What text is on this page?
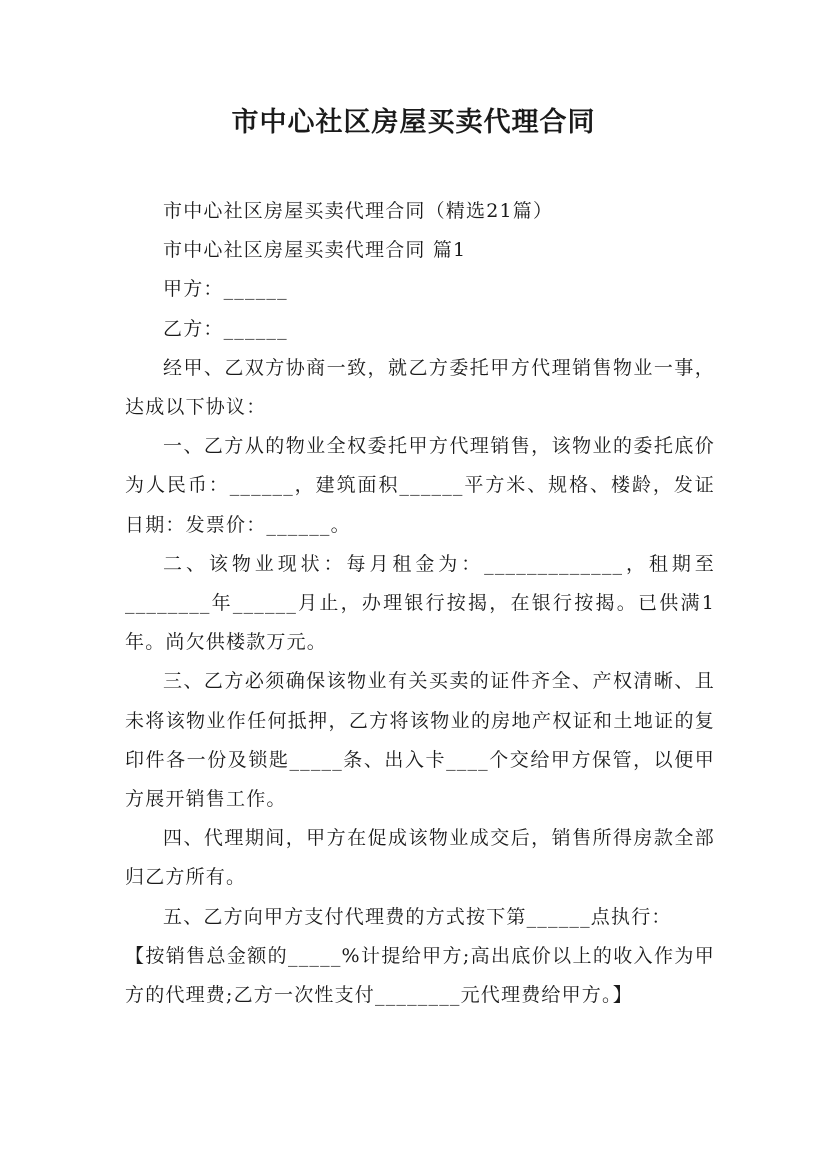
市中心社区房屋买卖代理合同

市中心社区房屋买卖代理合同（精选21篇）

市中心社区房屋买卖代理合同 篇1

甲方：______

乙方：______

经甲、乙双方协商一致，就乙方委托甲方代理销售物业一事，达成以下协议：

一、乙方从的物业全权委托甲方代理销售，该物业的委托底价为人民币：______，建筑面积______平方米、规格、楼龄，发证日期：发票价：______。

二、该物业现状：每月租金为：_____________，租期至________年______月止，办理银行按揭，在银行按揭。已供满1年。尚欠供楼款万元。

三、乙方必须确保该物业有关买卖的证件齐全、产权清晰、且未将该物业作任何抵押，乙方将该物业的房地产权证和土地证的复印件各一份及锁匙_____条、出入卡____个交给甲方保管，以便甲方展开销售工作。

四、代理期间，甲方在促成该物业成交后，销售所得房款全部归乙方所有。

五、乙方向甲方支付代理费的方式按下第______点执行：

【按销售总金额的_____%计提给甲方;高出底价以上的收入作为甲方的代理费;乙方一次性支付________元代理费给甲方。】
